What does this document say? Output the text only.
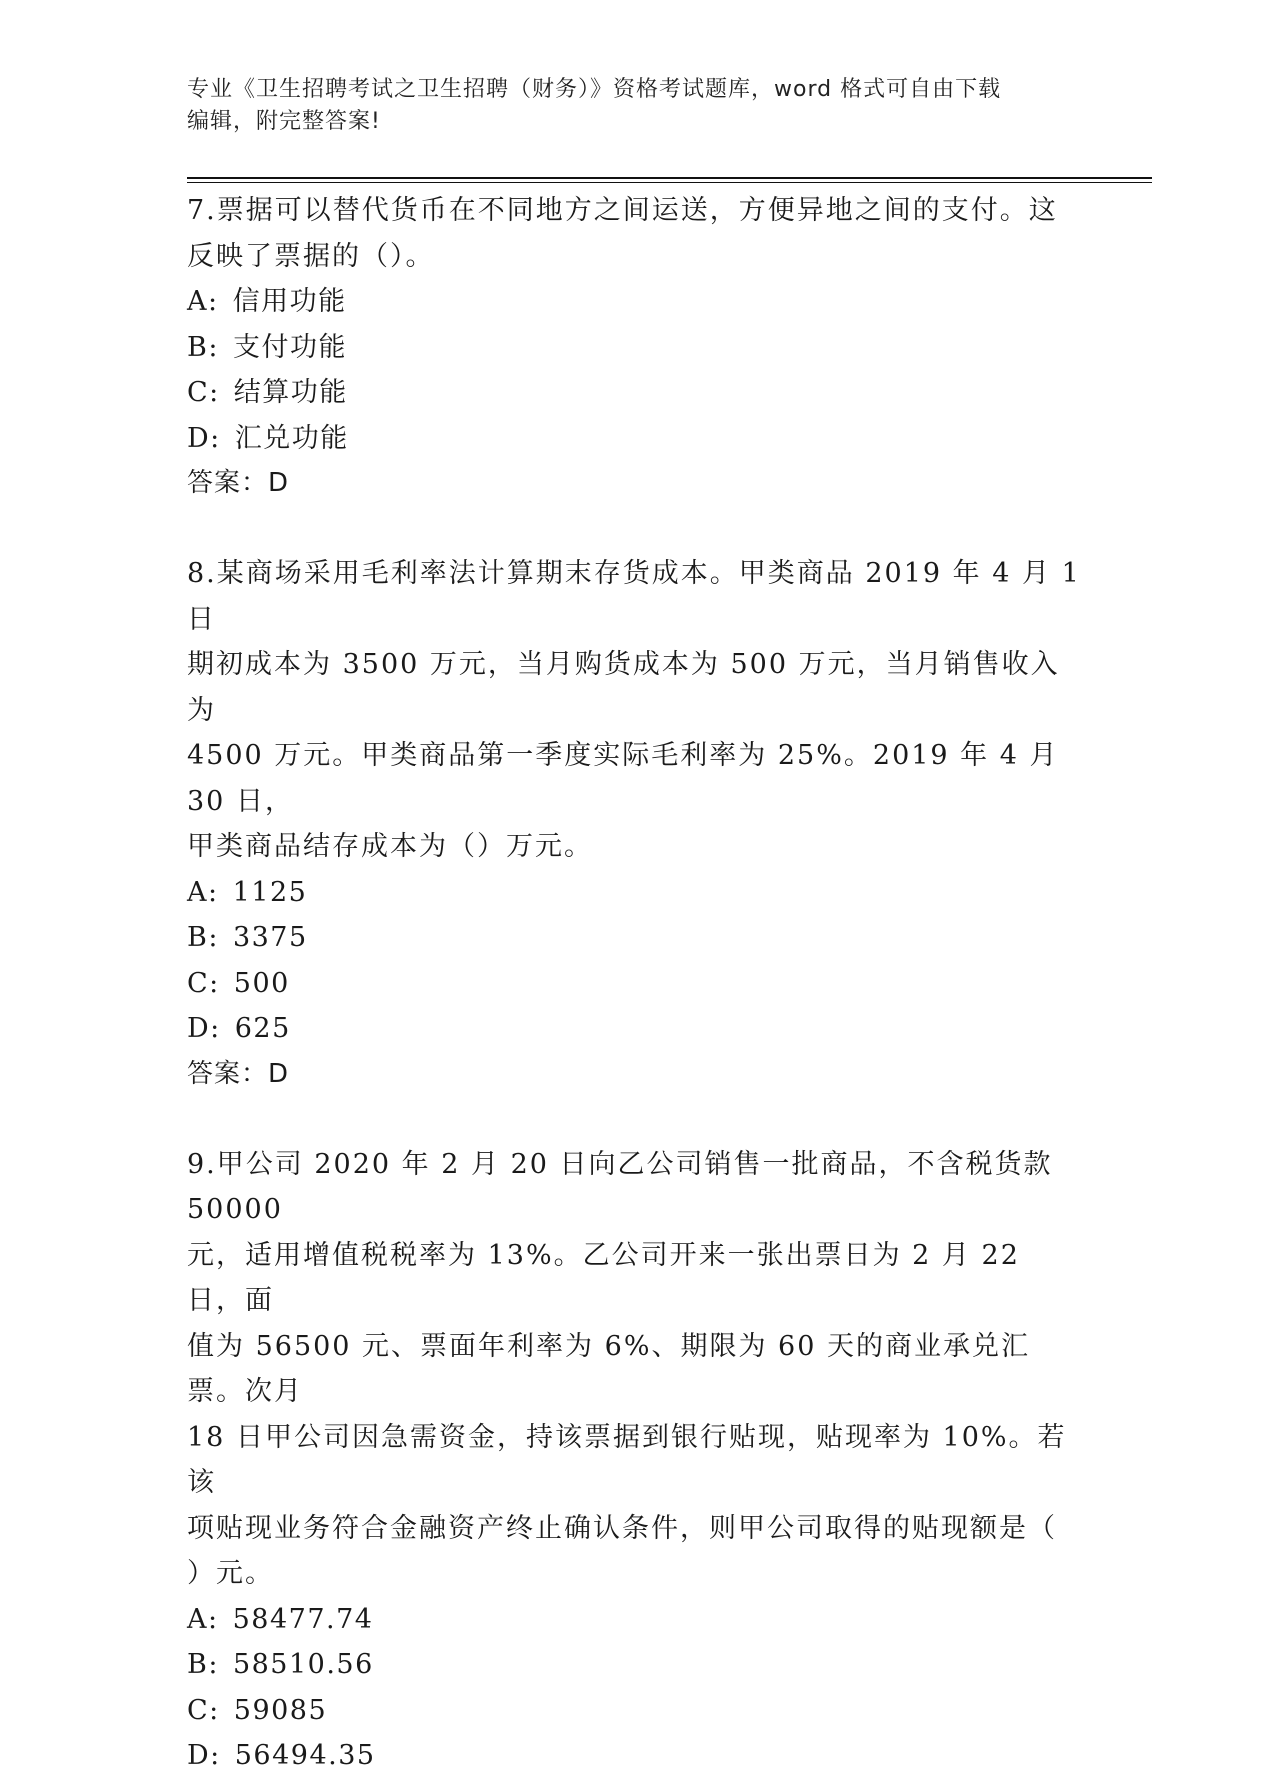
专业《卫生招聘考试之卫生招聘（财务）》资格考试题库，word 格式可自由下载
编辑，附完整答案!

7.票据可以替代货币在不同地方之间运送，方便异地之间的支付。这

反映了票据的（）。

A: 信用功能

B: 支付功能

C: 结算功能

D: 汇兑功能

答案：D

8.某商场采用毛利率法计算期末存货成本。甲类商品 2019 年 4 月 1 日

期初成本为 3500 万元，当月购货成本为 500 万元，当月销售收入为

4500 万元。甲类商品第一季度实际毛利率为 25%。2019 年 4 月 30 日，

甲类商品结存成本为（）万元。

A: 1125

B: 3375

C: 500

D: 625

答案：D

9.甲公司 2020 年 2 月 20 日向乙公司销售一批商品，不含税货款 50000

元，适用增值税税率为 13%。乙公司开来一张出票日为 2 月 22 日，面

值为 56500 元、票面年利率为 6%、期限为 60 天的商业承兑汇票。次月

18 日甲公司因急需资金，持该票据到银行贴现，贴现率为 10%。若该

项贴现业务符合金融资产终止确认条件，则甲公司取得的贴现额是（

）元。

A: 58477.74

B: 58510.56

C: 59085

D: 56494.35
